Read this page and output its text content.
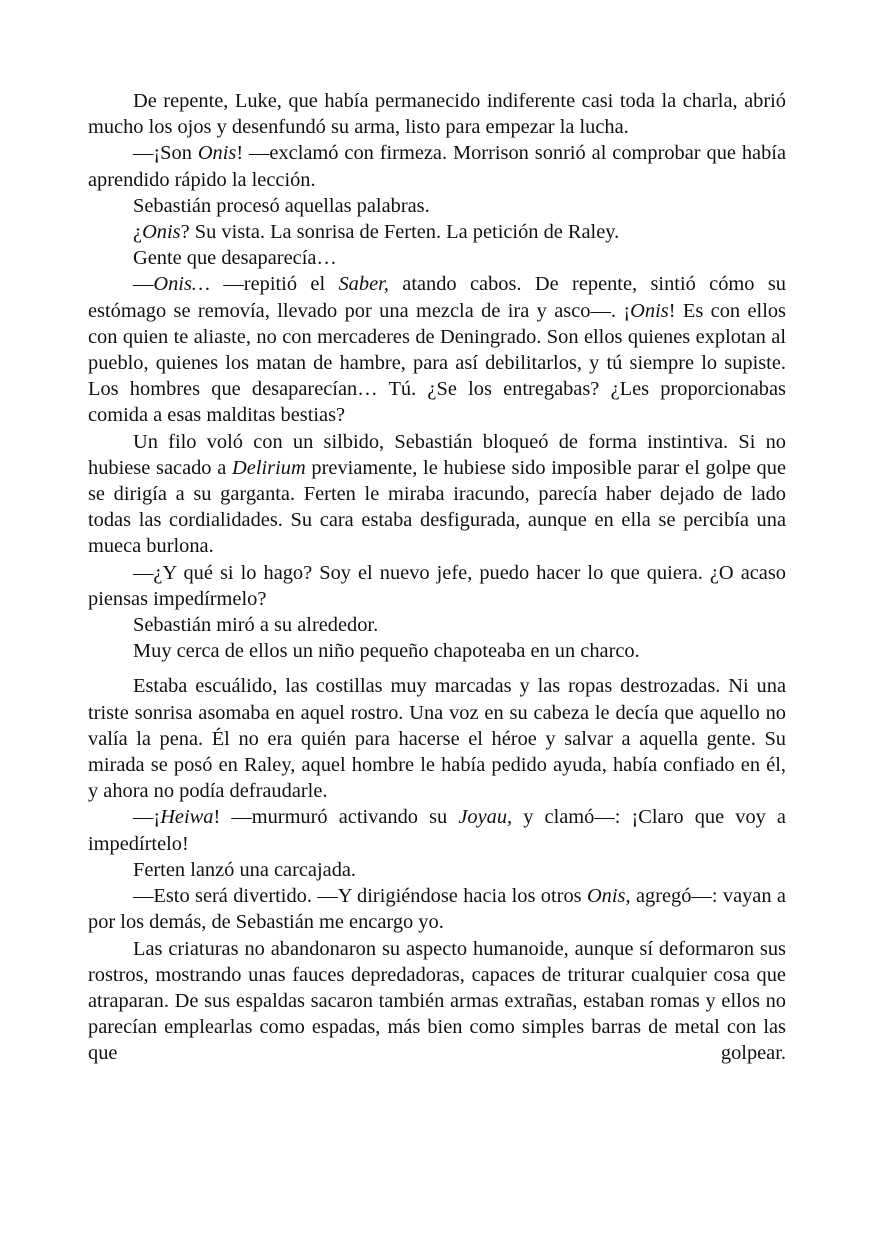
De repente, Luke, que había permanecido indiferente casi toda la charla, abrió mucho los ojos y desenfundó su arma, listo para empezar la lucha.

—¡Son Onis! —exclamó con firmeza. Morrison sonrió al comprobar que había aprendido rápido la lección.

Sebastián procesó aquellas palabras.

¿Onis? Su vista. La sonrisa de Ferten. La petición de Raley.

Gente que desaparecía…

—Onis… —repitió el Saber, atando cabos. De repente, sintió cómo su estómago se removía, llevado por una mezcla de ira y asco—. ¡Onis! Es con ellos con quien te aliaste, no con mercaderes de Deningrado. Son ellos quienes explotan al pueblo, quienes los matan de hambre, para así debilitarlos, y tú siempre lo supiste. Los hombres que desaparecían… Tú. ¿Se los entregabas? ¿Les proporcionabas comida a esas malditas bestias?

Un filo voló con un silbido, Sebastián bloqueó de forma instintiva. Si no hubiese sacado a Delirium previamente, le hubiese sido imposible parar el golpe que se dirigía a su garganta. Ferten le miraba iracundo, parecía haber dejado de lado todas las cordialidades. Su cara estaba desfigurada, aunque en ella se percibía una mueca burlona.

—¿Y qué si lo hago? Soy el nuevo jefe, puedo hacer lo que quiera. ¿O acaso piensas impedírmelo?

Sebastián miró a su alrededor.

Muy cerca de ellos un niño pequeño chapoteaba en un charco.

Estaba escuálido, las costillas muy marcadas y las ropas destrozadas. Ni una triste sonrisa asomaba en aquel rostro. Una voz en su cabeza le decía que aquello no valía la pena. Él no era quién para hacerse el héroe y salvar a aquella gente. Su mirada se posó en Raley, aquel hombre le había pedido ayuda, había confiado en él, y ahora no podía defraudarle.

—¡Heiwa! —murmuró activando su Joyau, y clamó—: ¡Claro que voy a impedírtelo!

Ferten lanzó una carcajada.

—Esto será divertido. —Y dirigiéndose hacia los otros Onis, agregó—: vayan a por los demás, de Sebastián me encargo yo.

Las criaturas no abandonaron su aspecto humanoide, aunque sí deformaron sus rostros, mostrando unas fauces depredadoras, capaces de triturar cualquier cosa que atraparan. De sus espaldas sacaron también armas extrañas, estaban romas y ellos no parecían emplearlas como espadas, más bien como simples barras de metal con las que golpear.
